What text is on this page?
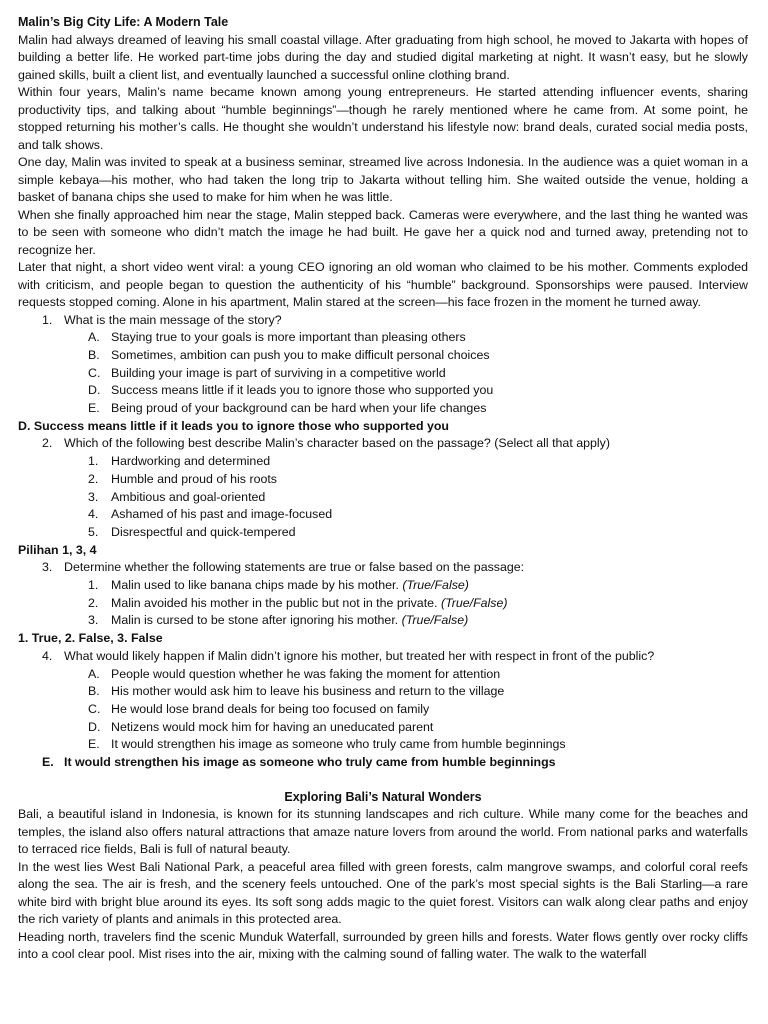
Malin’s Big City Life: A Modern Tale

Malin had always dreamed of leaving his small coastal village. After graduating from high school, he moved to Jakarta with hopes of building a better life. He worked part-time jobs during the day and studied digital marketing at night. It wasn’t easy, but he slowly gained skills, built a client list, and eventually launched a successful online clothing brand.

Within four years, Malin’s name became known among young entrepreneurs. He started attending influencer events, sharing productivity tips, and talking about “humble beginnings”—though he rarely mentioned where he came from. At some point, he stopped returning his mother’s calls. He thought she wouldn’t understand his lifestyle now: brand deals, curated social media posts, and talk shows.

One day, Malin was invited to speak at a business seminar, streamed live across Indonesia. In the audience was a quiet woman in a simple kebaya—his mother, who had taken the long trip to Jakarta without telling him. She waited outside the venue, holding a basket of banana chips she used to make for him when he was little.

When she finally approached him near the stage, Malin stepped back. Cameras were everywhere, and the last thing he wanted was to be seen with someone who didn’t match the image he had built. He gave her a quick nod and turned away, pretending not to recognize her.

Later that night, a short video went viral: a young CEO ignoring an old woman who claimed to be his mother. Comments exploded with criticism, and people began to question the authenticity of his “humble” background. Sponsorships were paused. Interview requests stopped coming. Alone in his apartment, Malin stared at the screen—his face frozen in the moment he turned away.

1. What is the main message of the story?

A. Staying true to your goals is more important than pleasing others

B. Sometimes, ambition can push you to make difficult personal choices

C. Building your image is part of surviving in a competitive world

D. Success means little if it leads you to ignore those who supported you

E. Being proud of your background can be hard when your life changes

D. Success means little if it leads you to ignore those who supported you

2. Which of the following best describe Malin’s character based on the passage? (Select all that apply)

1.	Hardworking and determined

2.	Humble and proud of his roots

3.	Ambitious and goal-oriented

4.	Ashamed of his past and image-focused

5.	Disrespectful and quick-tempered

Pilihan 1, 3, 4

3. Determine whether the following statements are true or false based on the passage:

1.	Malin used to like banana chips made by his mother. (True/False)

2.	Malin avoided his mother in the public but not in the private. (True/False)

3.	Malin is cursed to be stone after ignoring his mother. (True/False)

1. True, 2. False, 3. False

4. What would likely happen if Malin didn’t ignore his mother, but treated her with respect in front of the public?

A. People would question whether he was faking the moment for attention

B. His mother would ask him to leave his business and return to the village

C. He would lose brand deals for being too focused on family

D. Netizens would mock him for having an uneducated parent

E. It would strengthen his image as someone who truly came from humble beginnings

E. It would strengthen his image as someone who truly came from humble beginnings

Exploring Bali’s Natural Wonders

Bali, a beautiful island in Indonesia, is known for its stunning landscapes and rich culture. While many come for the beaches and temples, the island also offers natural attractions that amaze nature lovers from around the world. From national parks and waterfalls to terraced rice fields, Bali is full of natural beauty.

In the west lies West Bali National Park, a peaceful area filled with green forests, calm mangrove swamps, and colorful coral reefs along the sea. The air is fresh, and the scenery feels untouched. One of the park’s most special sights is the Bali Starling—a rare white bird with bright blue around its eyes. Its soft song adds magic to the quiet forest. Visitors can walk along clear paths and enjoy the rich variety of plants and animals in this protected area.

Heading north, travelers find the scenic Munduk Waterfall, surrounded by green hills and forests. Water flows gently over rocky cliffs into a cool clear pool. Mist rises into the air, mixing with the calming sound of falling water. The walk to the waterfall
